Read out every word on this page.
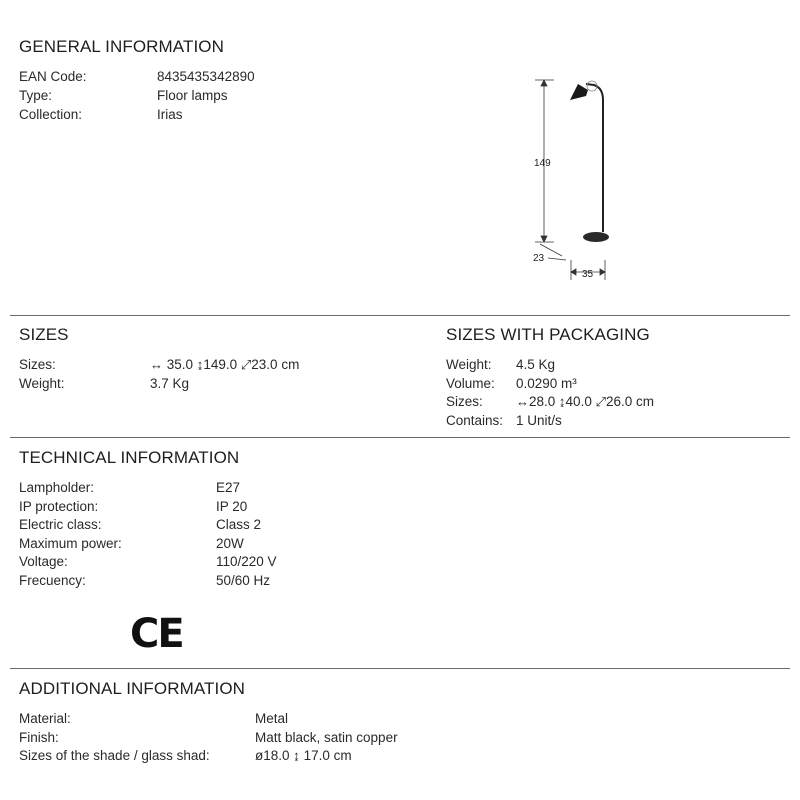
GENERAL INFORMATION
EAN Code:	8435435342890
Type:	Floor lamps
Collection:	Irias
149
23
35
SIZES
Sizes:	↔ 35.0 ↨149.0 ⤢23.0 cm
Weight:	3.7 Kg
SIZES WITH PACKAGING
Weight: 4.5 Kg
Volume: 0.0290 m³
Sizes:	↔28.0 ↨40.0 ⤢26.0 cm
Contains: 1 Unit/s
TECHNICAL INFORMATION
Lampholder:	E27
IP protection:	IP 20
Electric class:	Class 2
Maximum power:	20W
Voltage:	110/220 V
Frecuency:	50/60 Hz
CE
ADDITIONAL INFORMATION
Material:	Metal
Finish:	Matt black, satin copper
Sizes of the shade / glass shad:	ø18.0 ↨ 17.0 cm
